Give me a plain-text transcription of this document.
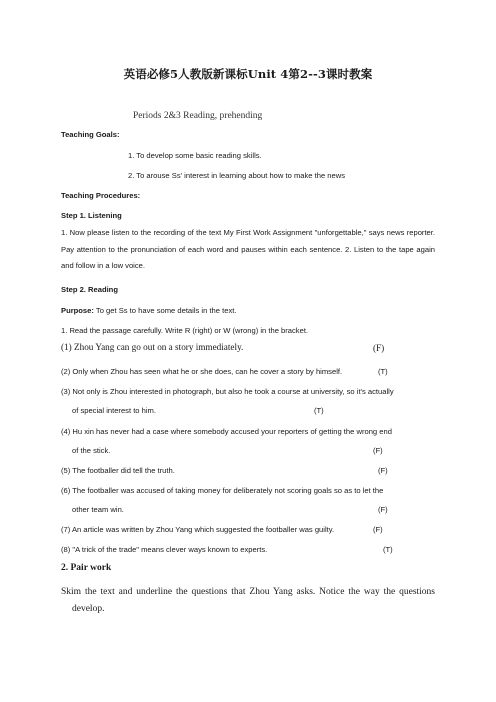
英语必修5人教版新课标Unit 4第2--3课时教案
Periods 2&3 Reading, prehending
Teaching Goals:
1. To develop some basic reading skills.
2. To arouse Ss' interest in learning about how to make the news
Teaching Procedures:
Step 1. Listening
1. Now please listen to the recording of the text My First Work Assignment "unforgettable," says news reporter. Pay attention to the pronunciation of each word and pauses within each sentence. 2. Listen to the tape again and follow in a low voice.
Step 2. Reading
Purpose: To get Ss to have some details in the text.
1. Read the passage carefully. Write R (right) or W (wrong) in the bracket.
(1) Zhou Yang can go out on a story immediately.	(F)
(2) Only when Zhou has seen what he or she does, can he cover a story by himself.	(T)
(3) Not only is Zhou interested in photograph, but also he took a course at university, so it's actually
of special interest to him.	(T)
(4) Hu xin has never had a case where somebody accused your reporters of getting the wrong end
of the stick.	(F)
(5) The footballer did tell the truth.	(F)
(6) The footballer was accused of taking money for deliberately not scoring goals so as to let the
other team win.	(F)
(7) An article was written by Zhou Yang which suggested the footballer was guilty.	(F)
(8) "A trick of the trade" means clever ways known to experts.	(T)
2. Pair work
Skim the text and underline the questions that Zhou Yang asks. Notice the way the questions
develop.
